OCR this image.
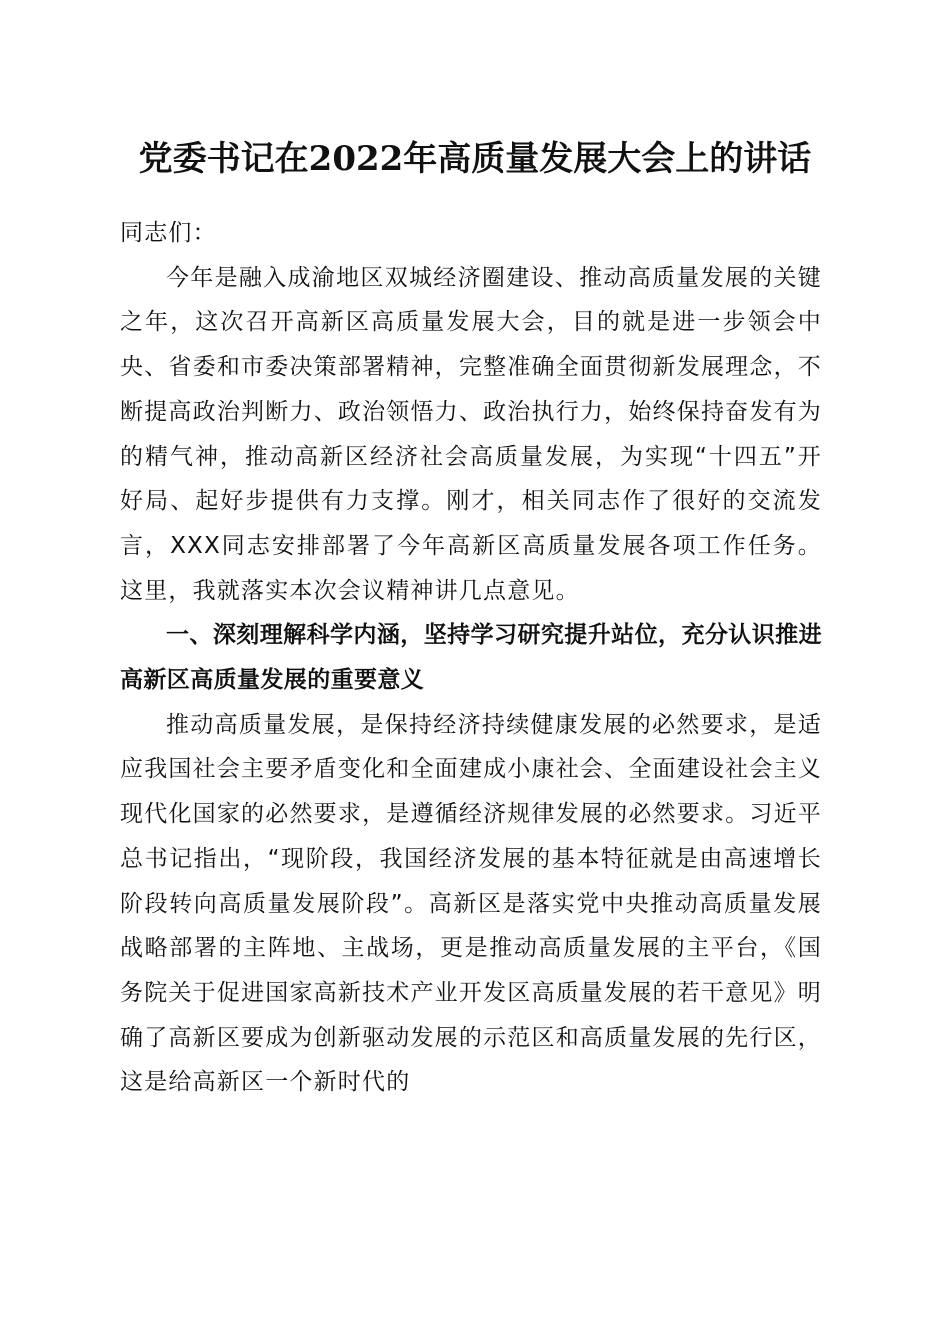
党委书记在2022年高质量发展大会上的讲话

同志们：

今年是融入成渝地区双城经济圈建设、推动高质量发展的关键之年，这次召开高新区高质量发展大会，目的就是进一步领会中央、省委和市委决策部署精神，完整准确全面贯彻新发展理念，不断提高政治判断力、政治领悟力、政治执行力，始终保持奋发有为的精气神，推动高新区经济社会高质量发展，为实现“十四五”开好局、起好步提供有力支撑。刚才，相关同志作了很好的交流发言，XXX同志安排部署了今年高新区高质量发展各项工作任务。这里，我就落实本次会议精神讲几点意见。

一、深刻理解科学内涵，坚持学习研究提升站位，充分认识推进高新区高质量发展的重要意义

推动高质量发展，是保持经济持续健康发展的必然要求，是适应我国社会主要矛盾变化和全面建成小康社会、全面建设社会主义现代化国家的必然要求，是遵循经济规律发展的必然要求。习近平总书记指出，“现阶段，我国经济发展的基本特征就是由高速增长阶段转向高质量发展阶段”。高新区是落实党中央推动高质量发展战略部署的主阵地、主战场，更是推动高质量发展的主平台，《国务院关于促进国家高新技术产业开发区高质量发展的若干意见》明确了高新区要成为创新驱动发展的示范区和高质量发展的先行区，这是给高新区一个新时代的
